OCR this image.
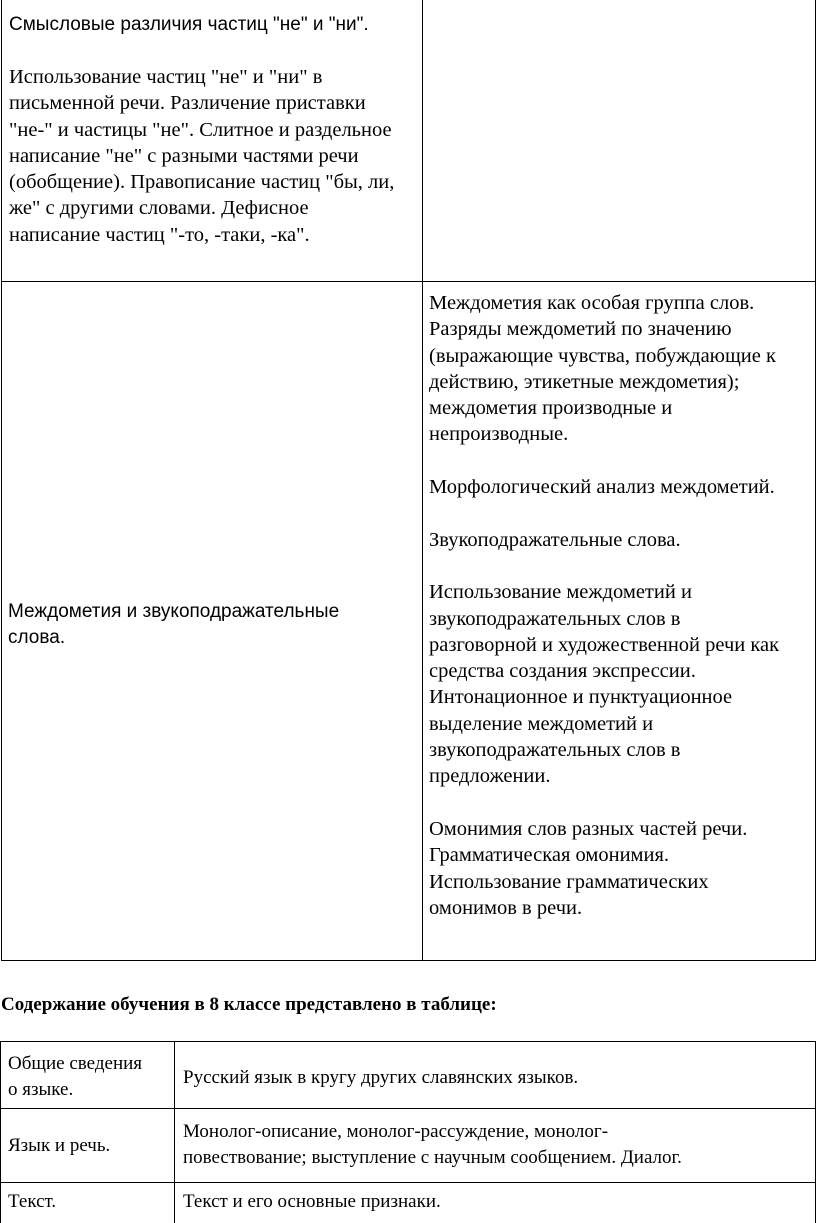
Смысловые различия частиц "не" и "ни".
Использование частиц "не" и "ни" в
письменной речи. Различение приставки
"не-" и частицы "не". Слитное и раздельное
написание "не" с разными частями речи
(обобщение). Правописание частиц "бы, ли,
же" с другими словами. Дефисное
написание частиц "-то, -таки, -ка".
Междометия и звукоподражательные
слова.
Междометия как особая группа слов.
Разряды междометий по значению
(выражающие чувства, побуждающие к
действию, этикетные междометия);
междометия производные и
непроизводные.
Морфологический анализ междометий.
Звукоподражательные слова.
Использование междометий и
звукоподражательных слов в
разговорной и художественной речи как
средства создания экспрессии.
Интонационное и пунктуационное
выделение междометий и
звукоподражательных слов в
предложении.
Омонимия слов разных частей речи.
Грамматическая омонимия.
Использование грамматических
омонимов в речи.
Содержание обучения в 8 классе представлено в таблице:
Общие сведения
о языке.
Русский язык в кругу других славянских языков.
Язык и речь.
Монолог-описание, монолог-рассуждение, монолог-
повествование; выступление с научным сообщением. Диалог.
Текст.	Текст и его основные признаки.
